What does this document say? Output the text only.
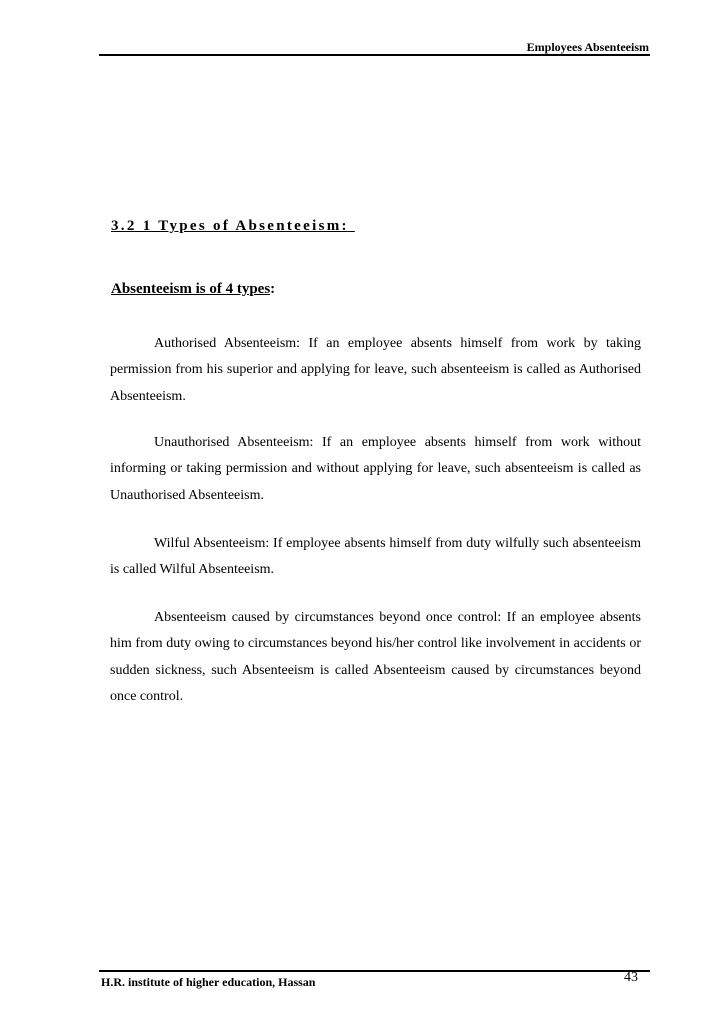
Employees Absenteeism
3.2 1 Types of Absenteeism:
Absenteeism is of 4 types:

Authorised Absenteeism: If an employee absents himself from work by taking permission from his superior and applying for leave, such absenteeism is called as Authorised Absenteeism.

Unauthorised Absenteeism: If an employee absents himself from work without informing or taking permission and without applying for leave, such absenteeism is called as Unauthorised Absenteeism.

Wilful Absenteeism: If employee absents himself from duty wilfully such absenteeism is called Wilful Absenteeism.

Absenteeism caused by circumstances beyond once control: If an employee absents him from duty owing to circumstances beyond his/her control like involvement in accidents or sudden sickness, such Absenteeism is called Absenteeism caused by circumstances beyond once control.

H.R. institute of higher education, Hassan	43
